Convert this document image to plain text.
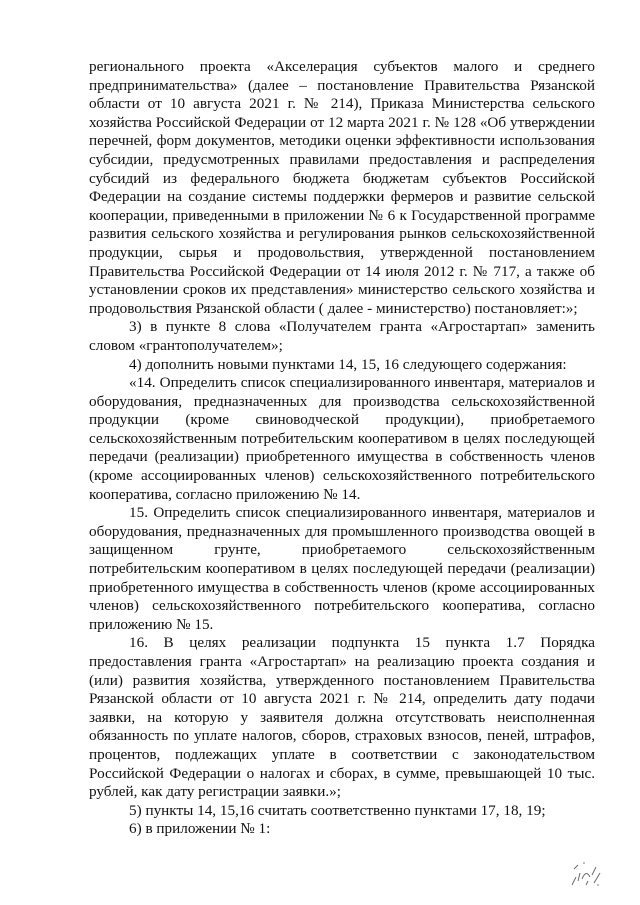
регионального проекта «Акселерация субъектов малого и среднего предпринимательства» (далее – постановление Правительства Рязанской области от 10 августа 2021 г. № 214), Приказа Министерства сельского хозяйства Российской Федерации от 12 марта 2021 г. № 128 «Об утверждении перечней, форм документов, методики оценки эффективности использования субсидии, предусмотренных правилами предоставления и распределения субсидий из федерального бюджета бюджетам субъектов Российской Федерации на создание системы поддержки фермеров и развитие сельской кооперации, приведенными в приложении № 6 к Государственной программе развития сельского хозяйства и регулирования рынков сельскохозяйственной продукции, сырья и продовольствия, утвержденной постановлением Правительства Российской Федерации от 14 июля 2012 г. № 717, а также об установлении сроков их представления» министерство сельского хозяйства и продовольствия Рязанской области ( далее - министерство) постановляет:»;

3) в пункте 8 слова «Получателем гранта «Агростартап» заменить словом «грантополучателем»;

4) дополнить новыми пунктами 14, 15, 16 следующего содержания:

«14. Определить список специализированного инвентаря, материалов и оборудования, предназначенных для производства сельскохозяйственной продукции (кроме свиноводческой продукции), приобретаемого сельскохозяйственным потребительским кооперативом в целях последующей передачи (реализации) приобретенного имущества в собственность членов (кроме ассоциированных членов) сельскохозяйственного потребительского кооператива, согласно приложению № 14.

15. Определить список специализированного инвентаря, материалов и оборудования, предназначенных для промышленного производства овощей в защищенном грунте, приобретаемого сельскохозяйственным потребительским кооперативом в целях последующей передачи (реализации) приобретенного имущества в собственность членов (кроме ассоциированных членов) сельскохозяйственного потребительского кооператива, согласно приложению № 15.

16. В целях реализации подпункта 15 пункта 1.7 Порядка предоставления гранта «Агростартап» на реализацию проекта создания и (или) развития хозяйства, утвержденного постановлением Правительства Рязанской области от 10 августа 2021 г. № 214, определить дату подачи заявки, на которую у заявителя должна отсутствовать неисполненная обязанность по уплате налогов, сборов, страховых взносов, пеней, штрафов, процентов, подлежащих уплате в соответствии с законодательством Российской Федерации о налогах и сборах, в сумме, превышающей 10 тыс. рублей, как дату регистрации заявки.»;

5) пункты 14, 15,16 считать соответственно пунктами 17, 18, 19;

6) в приложении № 1:
